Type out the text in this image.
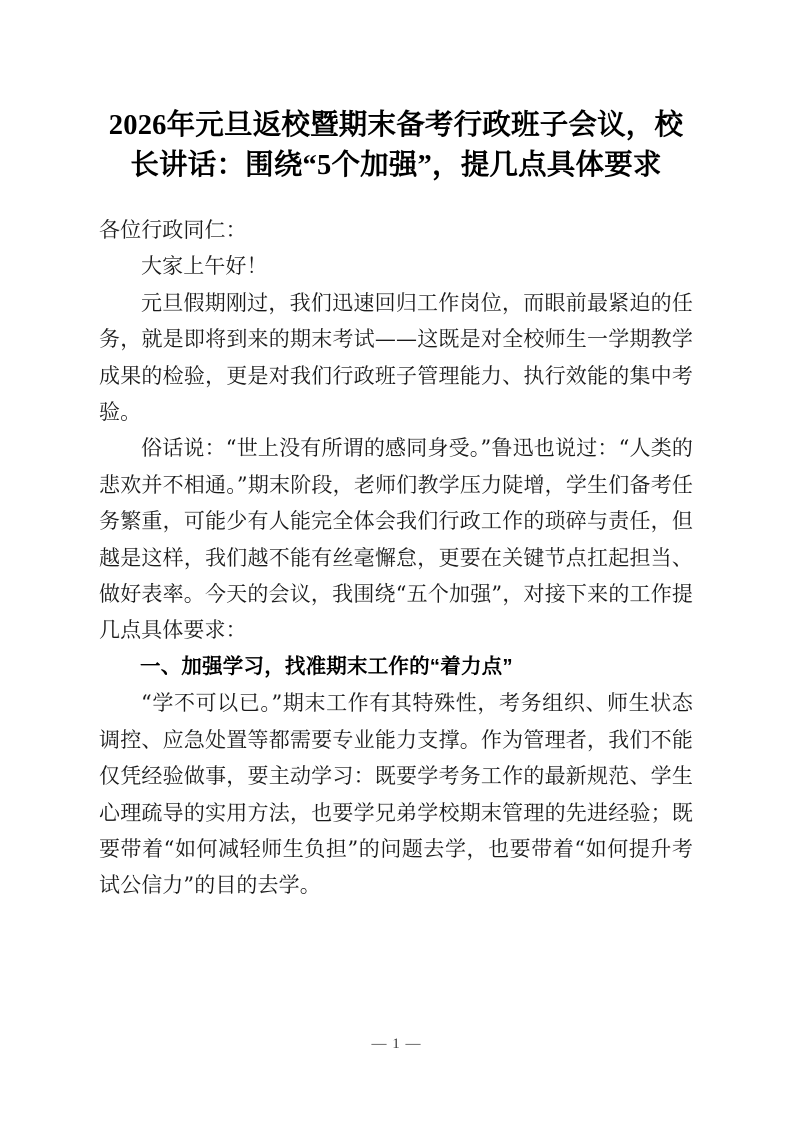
2026年元旦返校暨期末备考行政班子会议，校长讲话：围绕“5个加强”，提几点具体要求

各位行政同仁：

大家上午好！

元旦假期刚过，我们迅速回归工作岗位，而眼前最紧迫的任务，就是即将到来的期末考试——这既是对全校师生一学期教学成果的检验，更是对我们行政班子管理能力、执行效能的集中考验。

俗话说：“世上没有所谓的感同身受。”鲁迅也说过：“人类的悲欢并不相通。”期末阶段，老师们教学压力陡增，学生们备考任务繁重，可能少有人能完全体会我们行政工作的琐碎与责任，但越是这样，我们越不能有丝毫懈怠，更要在关键节点扛起担当、做好表率。今天的会议，我围绕“五个加强”，对接下来的工作提几点具体要求：

一、加强学习，找准期末工作的“着力点”

“学不可以已。”期末工作有其特殊性，考务组织、师生状态调控、应急处置等都需要专业能力支撑。作为管理者，我们不能仅凭经验做事，要主动学习：既要学考务工作的最新规范、学生心理疏导的实用方法，也要学兄弟学校期末管理的先进经验；既要带着“如何减轻师生负担”的问题去学，也要带着“如何提升考试公信力”的目的去学。

— 1 —
